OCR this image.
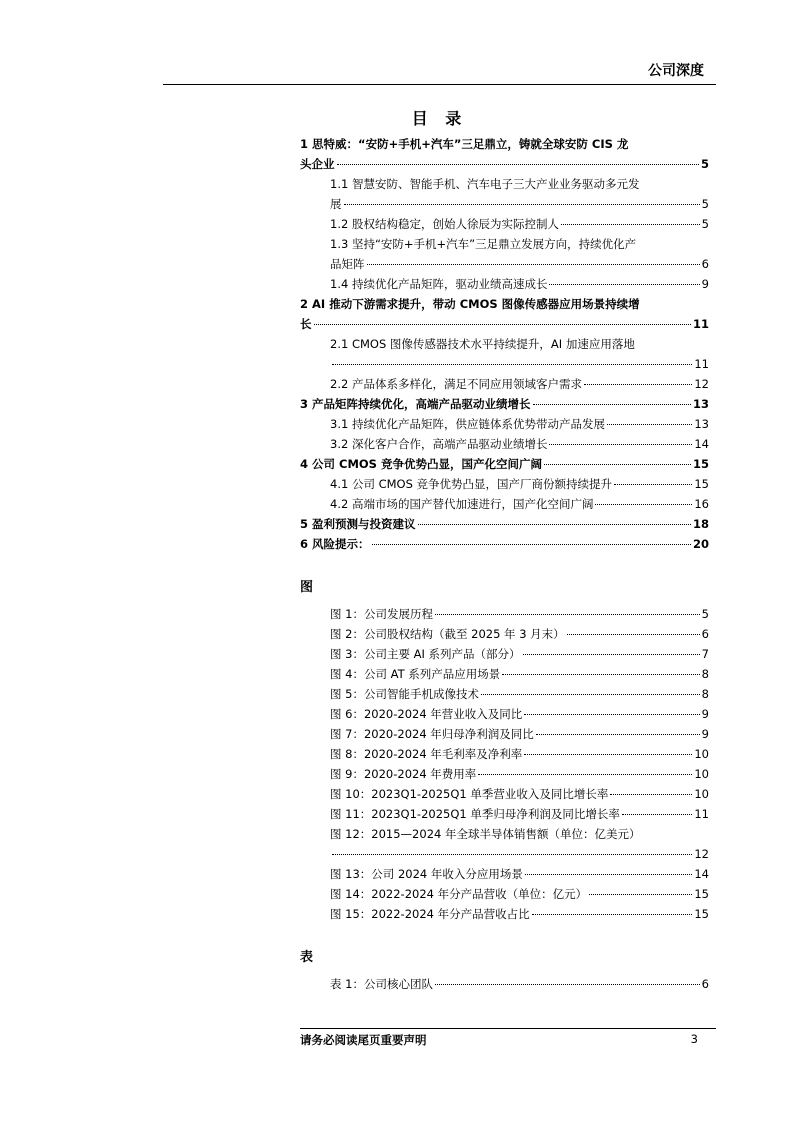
公司深度
目 录
1 思特威：“安防+手机+汽车”三足鼎立，铸就全球安防 CIS 龙
头企业	5
1.1 智慧安防、智能手机、汽车电子三大产业业务驱动多元发
展	5
1.2 股权结构稳定，创始人徐辰为实际控制人	5
1.3 坚持“安防+手机+汽车”三足鼎立发展方向，持续优化产
品矩阵	6
1.4 持续优化产品矩阵，驱动业绩高速成长	9
2 AI 推动下游需求提升，带动 CMOS 图像传感器应用场景持续增
长	11
2.1 CMOS 图像传感器技术水平持续提升，AI 加速应用落地
11
2.2 产品体系多样化，满足不同应用领域客户需求	12
3 产品矩阵持续优化，高端产品驱动业绩增长	13
3.1 持续优化产品矩阵，供应链体系优势带动产品发展	13
3.2 深化客户合作，高端产品驱动业绩增长	14
4 公司 CMOS 竞争优势凸显，国产化空间广阔	15
4.1 公司 CMOS 竞争优势凸显，国产厂商份额持续提升	15
4.2 高端市场的国产替代加速进行，国产化空间广阔	16
5 盈利预测与投资建议	18
6 风险提示：	20
图
图 1：公司发展历程	5
图 2：公司股权结构（截至 2025 年 3 月末）	6
图 3：公司主要 AI 系列产品（部分）	7
图 4：公司 AT 系列产品应用场景	8
图 5：公司智能手机成像技术	8
图 6：2020-2024 年营业收入及同比	9
图 7：2020-2024 年归母净利润及同比	9
图 8：2020-2024 年毛利率及净利率	10
图 9：2020-2024 年费用率	10
图 10：2023Q1-2025Q1 单季营业收入及同比增长率	10
图 11：2023Q1-2025Q1 单季归母净利润及同比增长率	11
图 12：2015—2024 年全球半导体销售额（单位：亿美元）
12
图 13：公司 2024 年收入分应用场景	14
图 14：2022-2024 年分产品营收（单位：亿元）	15
图 15：2022-2024 年分产品营收占比	15
表
表 1：公司核心团队	6
请务必阅读尾页重要声明	3
